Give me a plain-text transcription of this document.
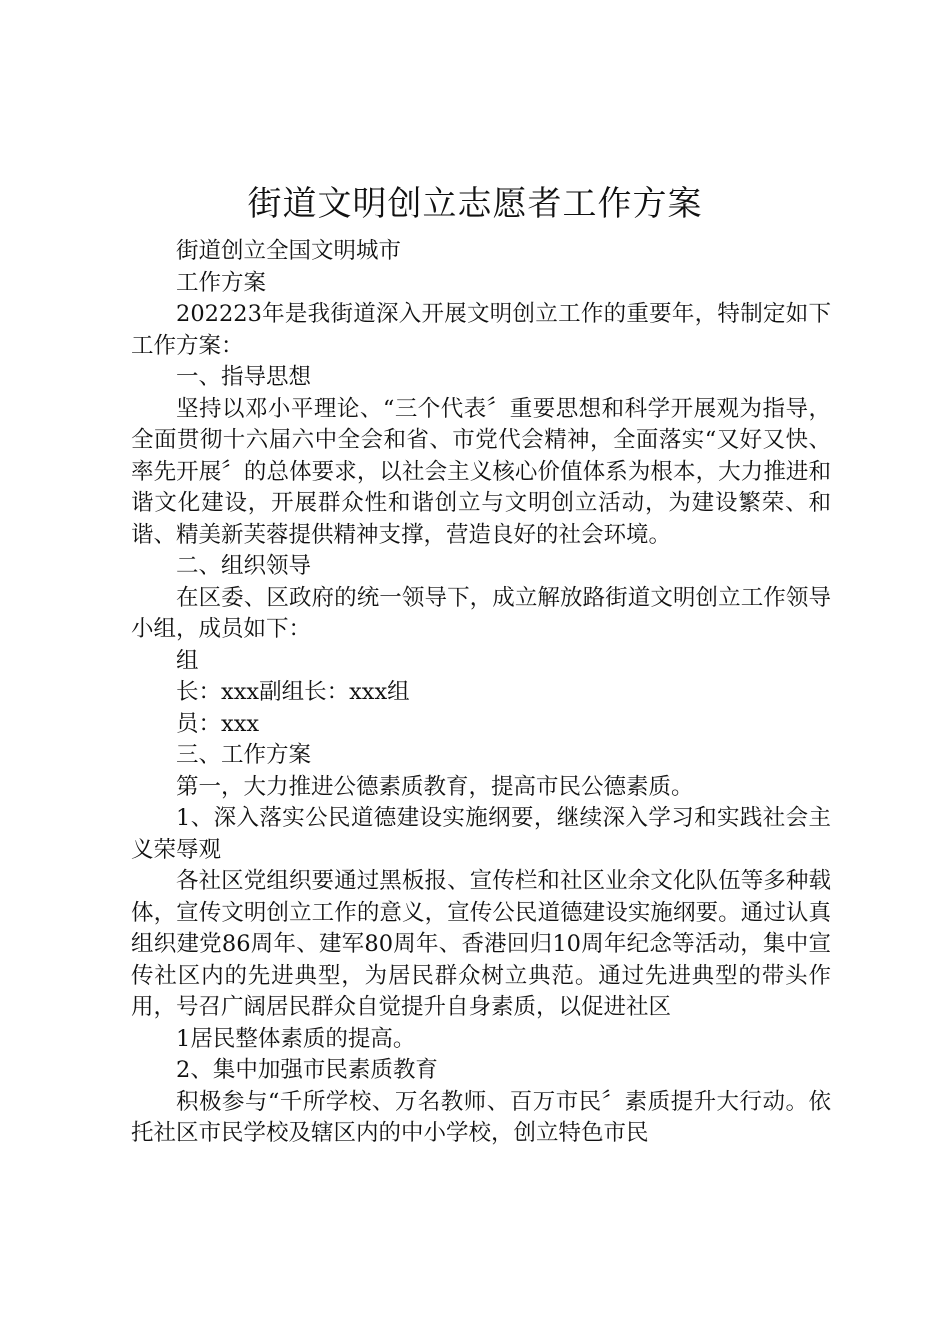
街道文明创立志愿者工作方案

街道创立全国文明城市

工作方案

202223年是我街道深入开展文明创立工作的重要年，特制定如下工作方案：

一、指导思想

坚持以邓小平理论、“三个代表〞重要思想和科学开展观为指导，全面贯彻十六届六中全会和省、市党代会精神，全面落实“又好又快、率先开展〞的总体要求，以社会主义核心价值体系为根本，大力推进和谐文化建设，开展群众性和谐创立与文明创立活动，为建设繁荣、和谐、精美新芙蓉提供精神支撑，营造良好的社会环境。

二、组织领导

在区委、区政府的统一领导下，成立解放路街道文明创立工作领导小组，成员如下：

组

长：xxx副组长：xxx组

员：xxx

三、工作方案

第一，大力推进公德素质教育，提高市民公德素质。

1、深入落实公民道德建设实施纲要，继续深入学习和实践社会主义荣辱观

各社区党组织要通过黑板报、宣传栏和社区业余文化队伍等多种载体，宣传文明创立工作的意义，宣传公民道德建设实施纲要。通过认真组织建党86周年、建军80周年、香港回归10周年纪念等活动，集中宣传社区内的先进典型，为居民群众树立典范。通过先进典型的带头作用，号召广阔居民群众自觉提升自身素质，以促进社区

1居民整体素质的提高。

2、集中加强市民素质教育

积极参与“千所学校、万名教师、百万市民〞素质提升大行动。依托社区市民学校及辖区内的中小学校，创立特色市民
